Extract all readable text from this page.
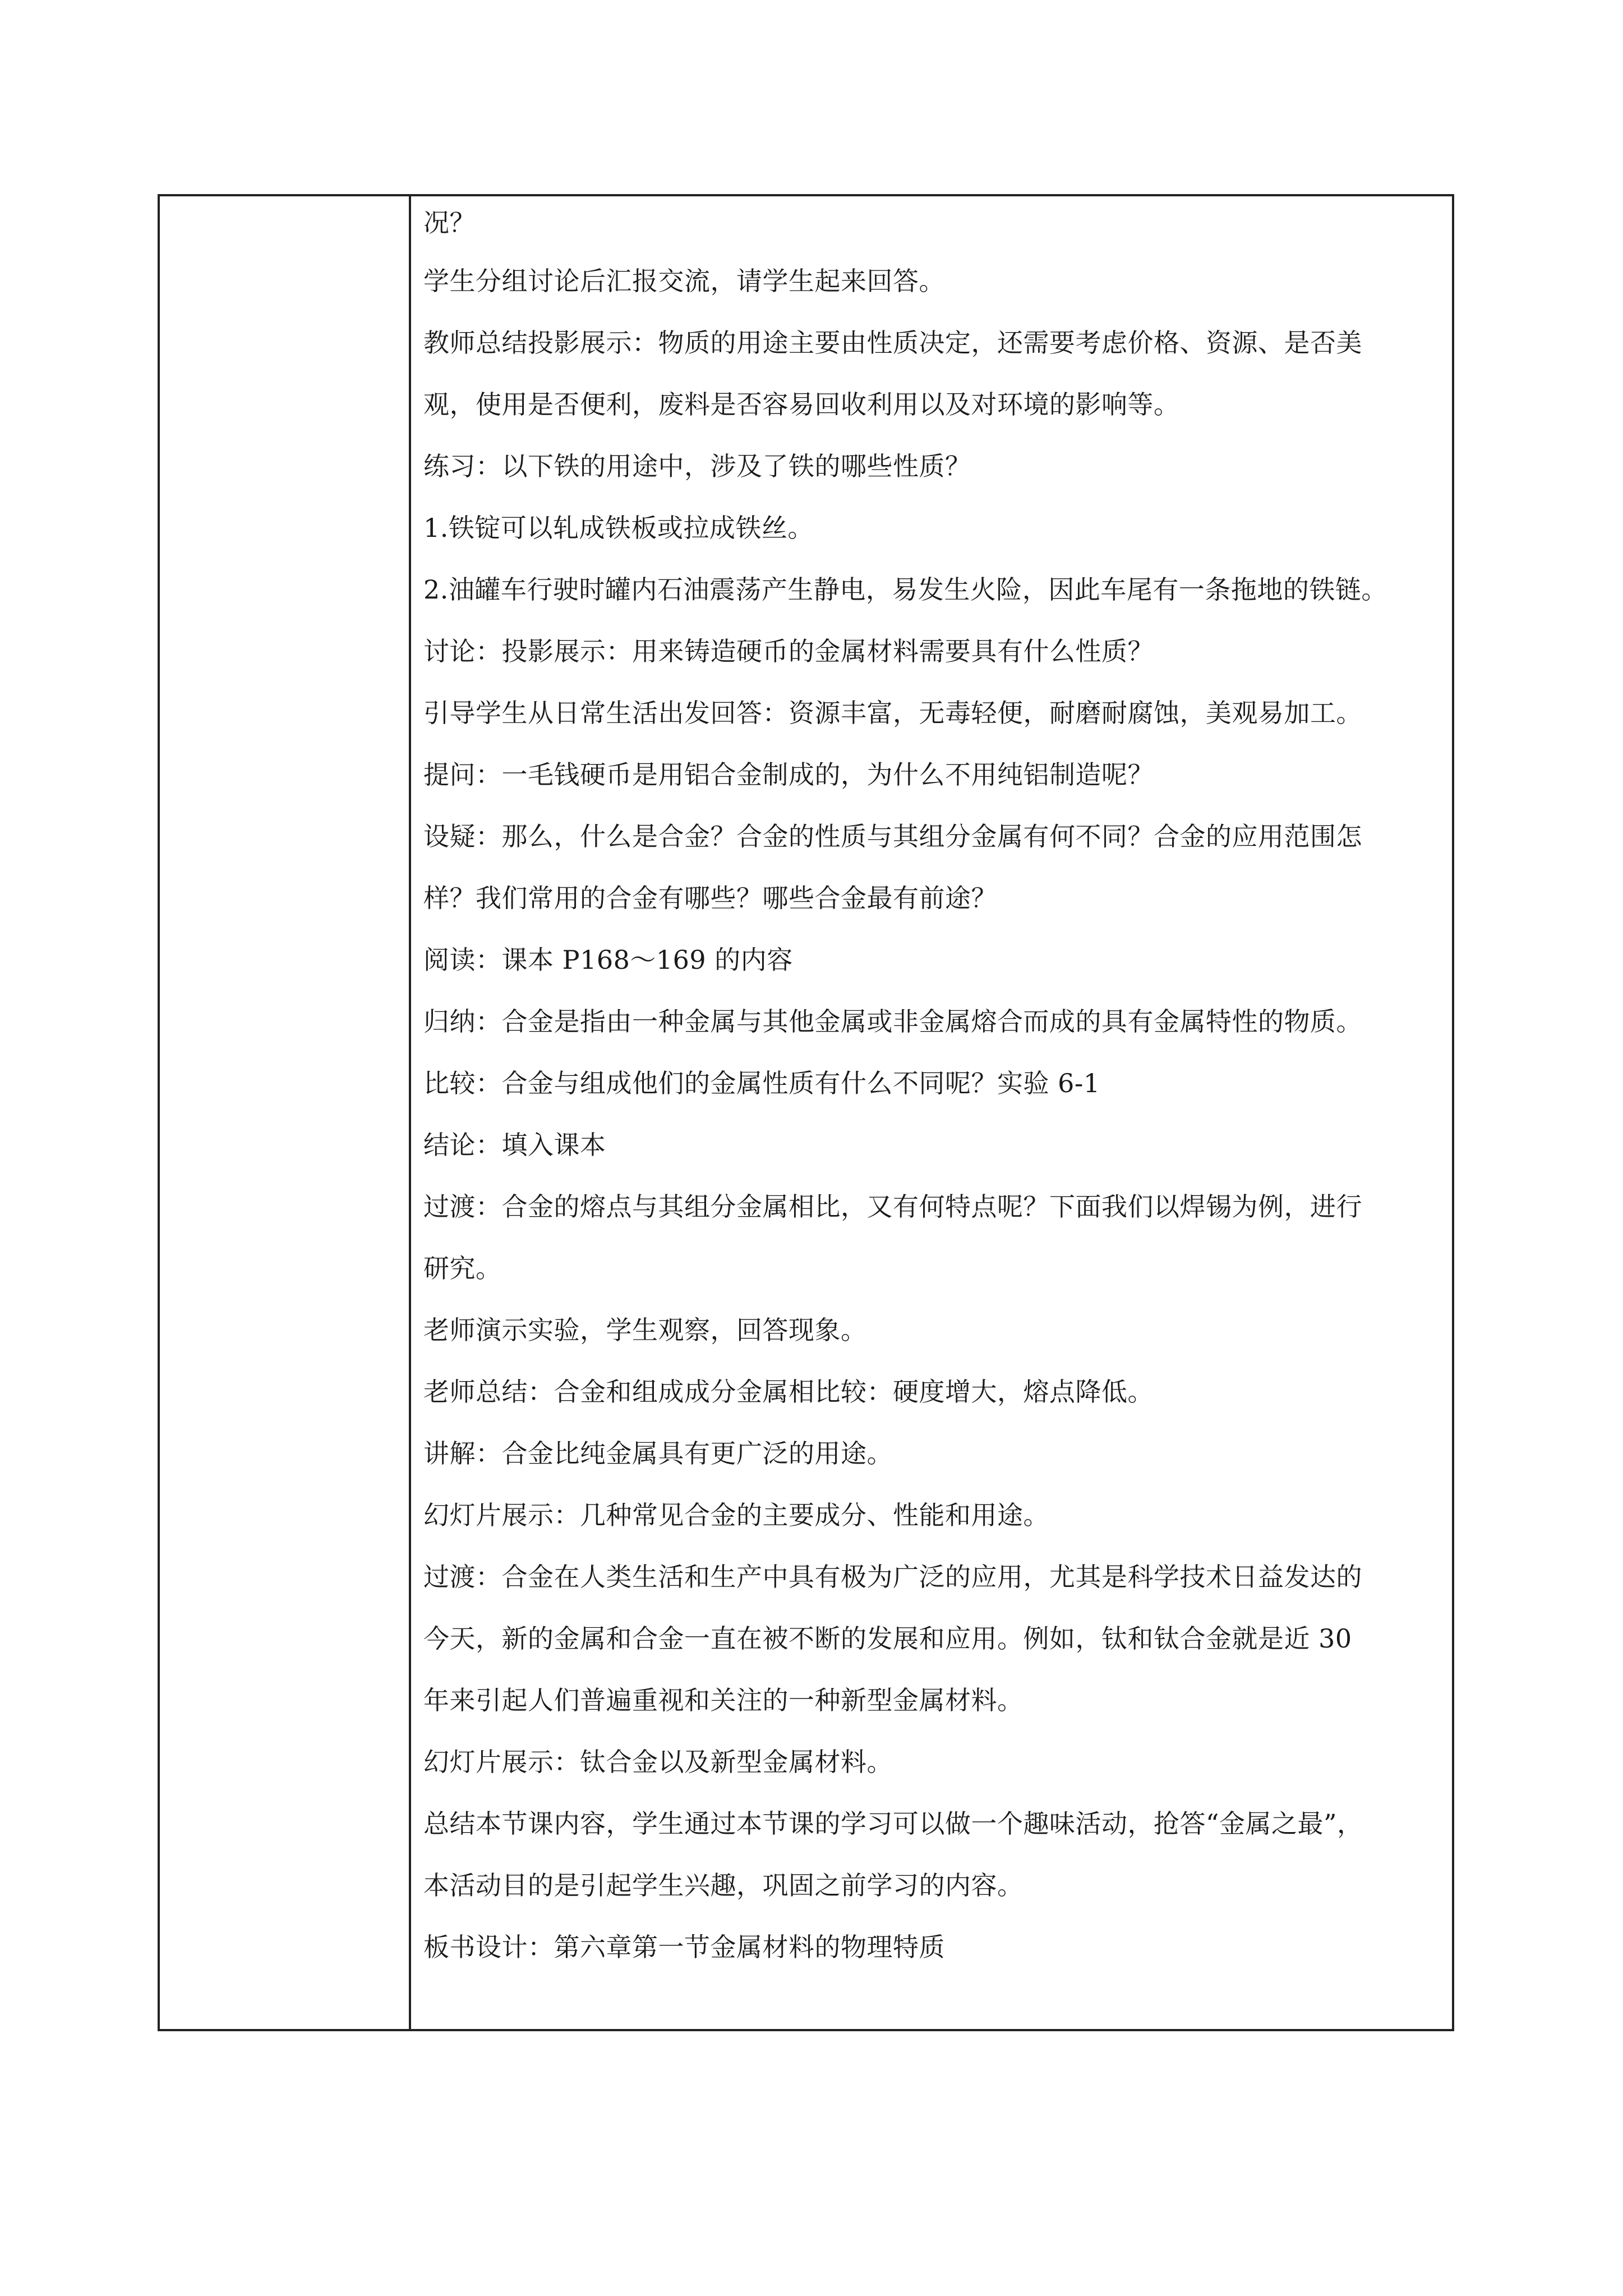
况？

学生分组讨论后汇报交流，请学生起来回答。

教师总结投影展示：物质的用途主要由性质决定，还需要考虑价格、资源、是否美

观，使用是否便利，废料是否容易回收利用以及对环境的影响等。

练习：以下铁的用途中，涉及了铁的哪些性质？

1.铁锭可以轧成铁板或拉成铁丝。

2.油罐车行驶时罐内石油震荡产生静电，易发生火险，因此车尾有一条拖地的铁链。

讨论：投影展示：用来铸造硬币的金属材料需要具有什么性质？

引导学生从日常生活出发回答：资源丰富，无毒轻便，耐磨耐腐蚀，美观易加工。

提问：一毛钱硬币是用铝合金制成的，为什么不用纯铝制造呢？

设疑：那么，什么是合金？合金的性质与其组分金属有何不同？合金的应用范围怎

样？我们常用的合金有哪些？哪些合金最有前途？

阅读：课本 P168～169 的内容

归纳：合金是指由一种金属与其他金属或非金属熔合而成的具有金属特性的物质。

比较：合金与组成他们的金属性质有什么不同呢？实验 6-1

结论：填入课本

过渡：合金的熔点与其组分金属相比，又有何特点呢？下面我们以焊锡为例，进行

研究。

老师演示实验，学生观察，回答现象。

老师总结：合金和组成成分金属相比较：硬度增大，熔点降低。

讲解：合金比纯金属具有更广泛的用途。

幻灯片展示：几种常见合金的主要成分、性能和用途。

过渡：合金在人类生活和生产中具有极为广泛的应用，尤其是科学技术日益发达的

今天，新的金属和合金一直在被不断的发展和应用。例如，钛和钛合金就是近 30

年来引起人们普遍重视和关注的一种新型金属材料。

幻灯片展示：钛合金以及新型金属材料。

总结本节课内容，学生通过本节课的学习可以做一个趣味活动，抢答“金属之最”，

本活动目的是引起学生兴趣，巩固之前学习的内容。

板书设计：第六章第一节金属材料的物理特质
